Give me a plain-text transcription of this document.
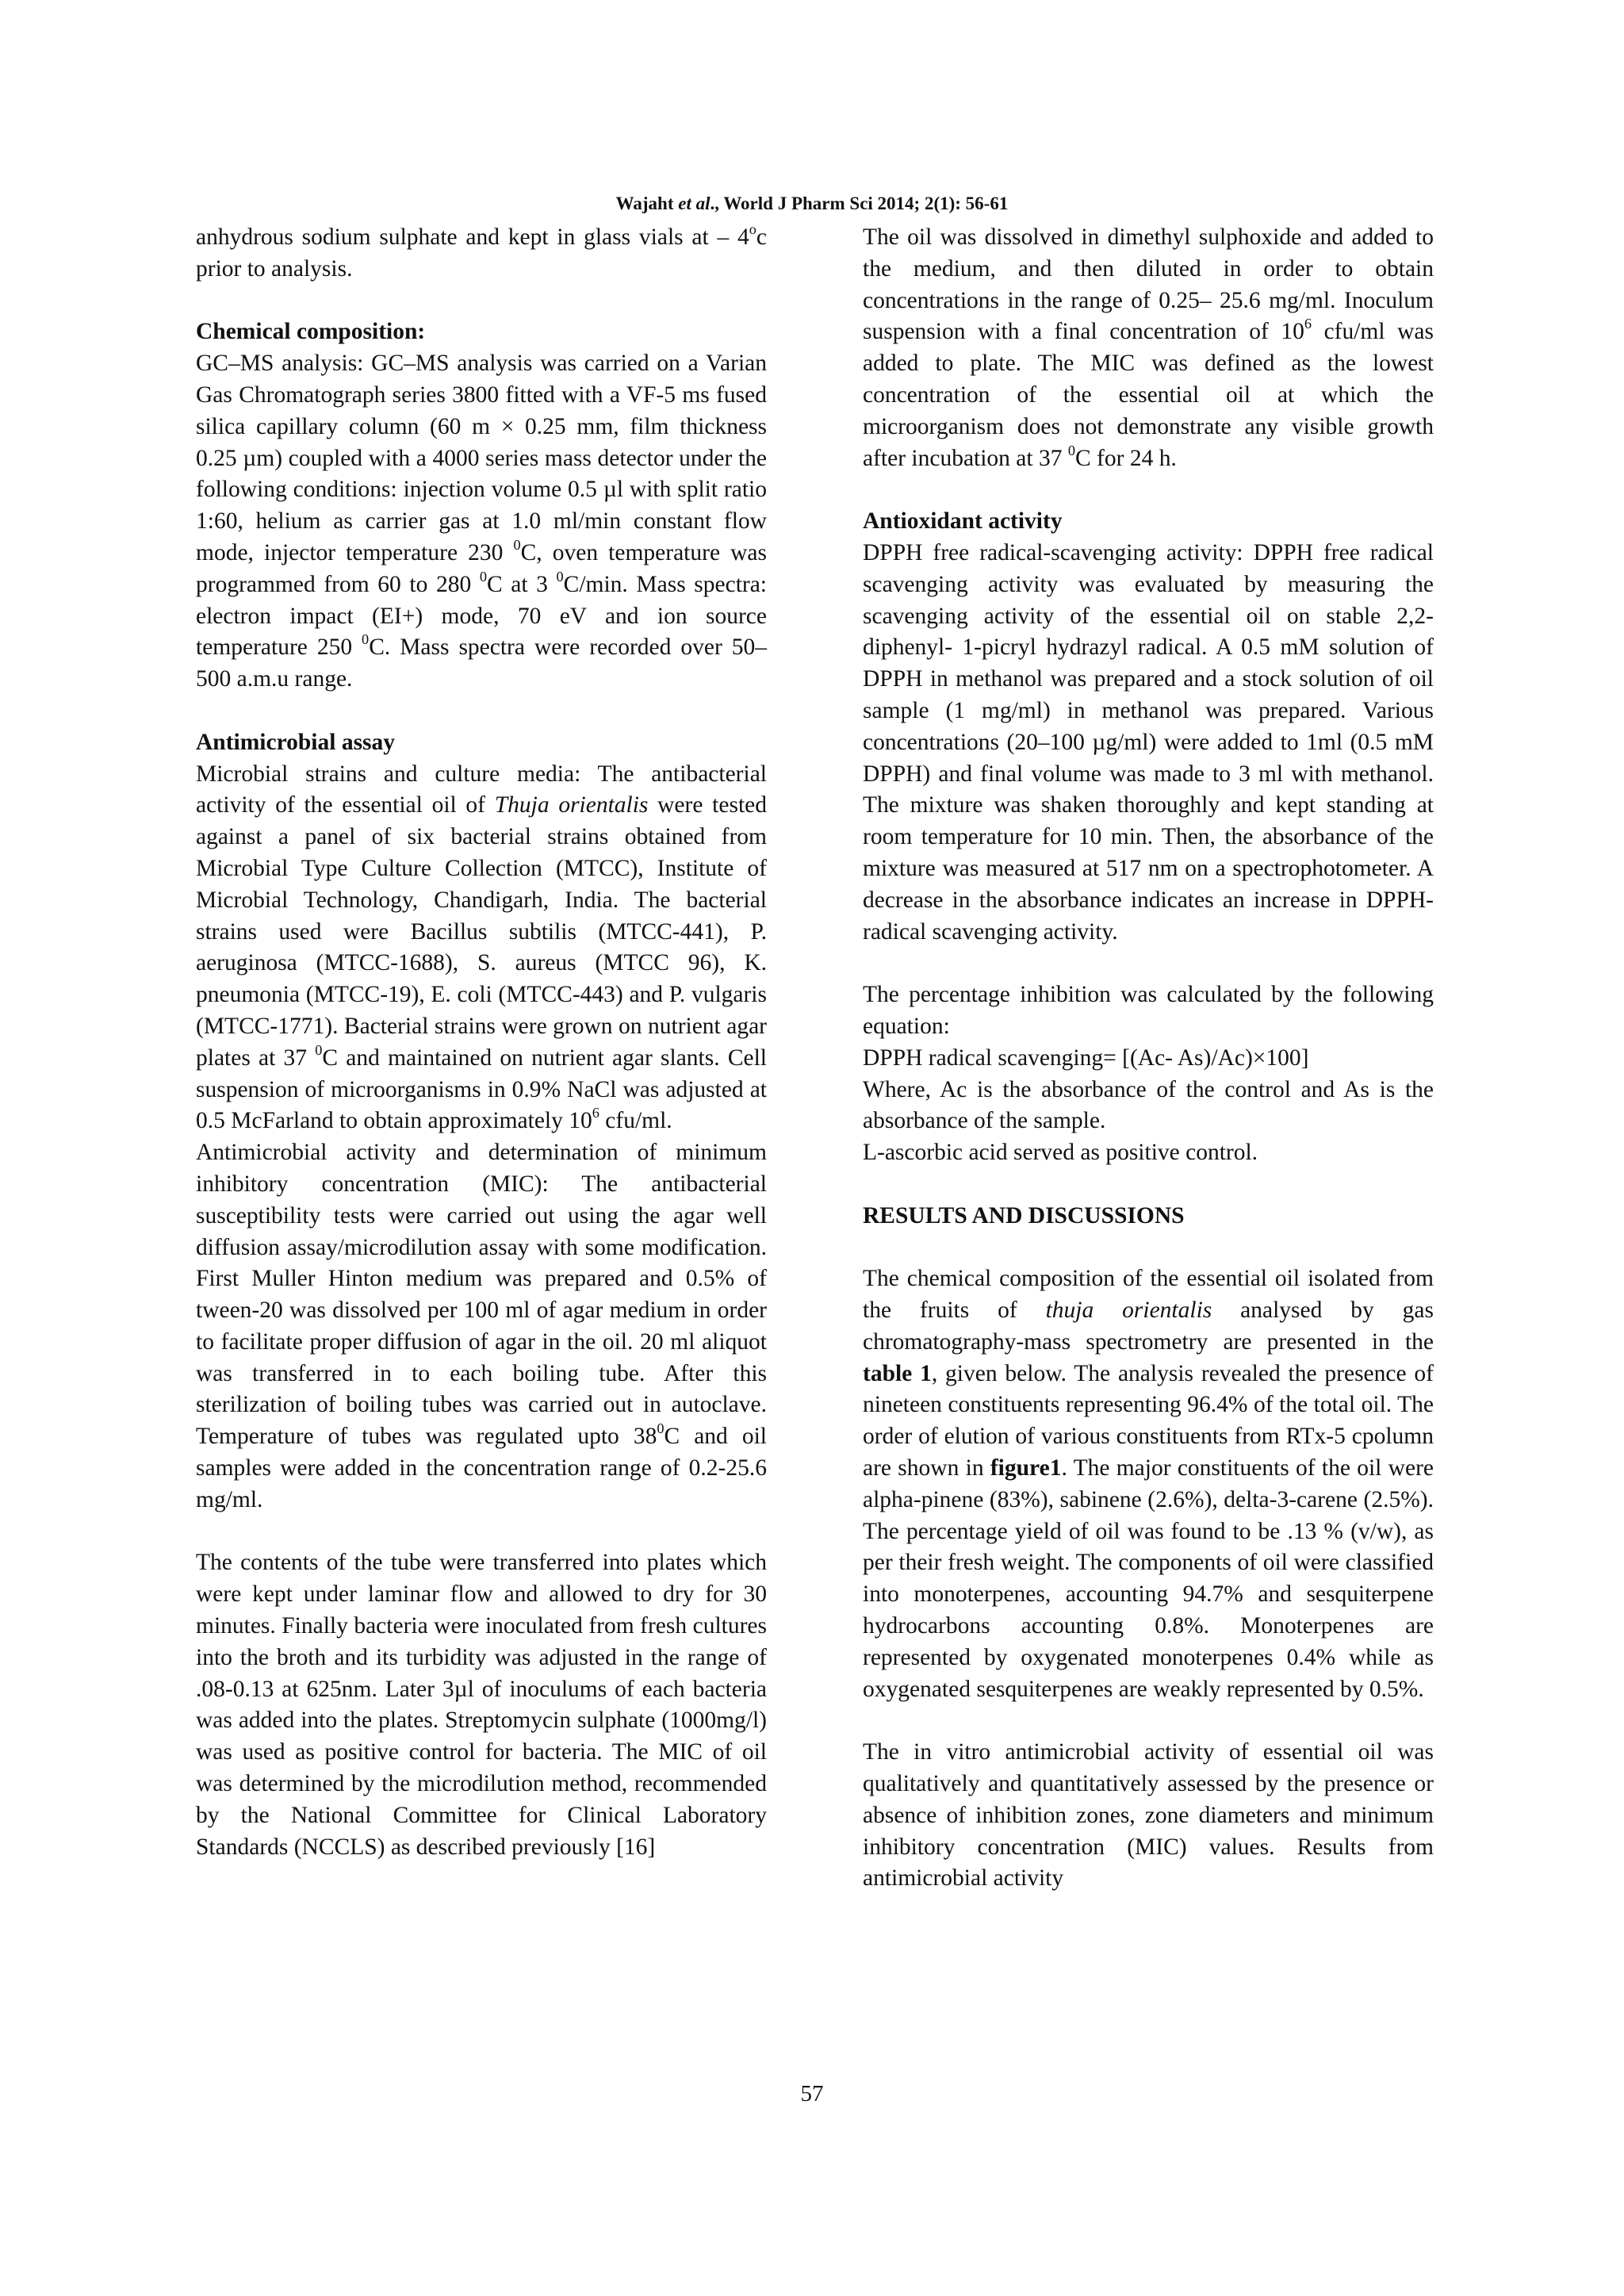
Wajaht et al., World J Pharm Sci 2014; 2(1): 56-61

anhydrous sodium sulphate and kept in glass vials at – 4$^o$c prior to analysis.

Chemical composition:

GC–MS analysis: GC–MS analysis was carried on a Varian Gas Chromatograph series 3800 fitted with a VF-5 ms fused silica capillary column (60 m × 0.25 mm, film thickness 0.25 µm) coupled with a 4000 series mass detector under the following conditions: injection volume 0.5 µl with split ratio 1:60, helium as carrier gas at 1.0 ml/min constant flow mode, injector temperature 230 $^0$C, oven temperature was programmed from 60 to 280 $^0$C at 3 $^0$C/min. Mass spectra: electron impact (EI+) mode, 70 eV and ion source temperature 250 $^0$C. Mass spectra were recorded over 50–500 a.m.u range.

Antimicrobial assay

Microbial strains and culture media: The antibacterial activity of the essential oil of Thuja orientalis were tested against a panel of six bacterial strains obtained from Microbial Type Culture Collection (MTCC), Institute of Microbial Technology, Chandigarh, India. The bacterial strains used were Bacillus subtilis (MTCC-441), P. aeruginosa (MTCC-1688), S. aureus (MTCC 96), K. pneumonia (MTCC-19), E. coli (MTCC-443) and P. vulgaris (MTCC-1771). Bacterial strains were grown on nutrient agar plates at 37 $^0$C and maintained on nutrient agar slants. Cell suspension of microorganisms in 0.9% NaCl was adjusted at 0.5 McFarland to obtain approximately $10^6$ cfu/ml.

Antimicrobial activity and determination of minimum inhibitory concentration (MIC): The antibacterial susceptibility tests were carried out using the agar well diffusion assay/microdilution assay with some modification. First Muller Hinton medium was prepared and 0.5% of tween-20 was dissolved per 100 ml of agar medium in order to facilitate proper diffusion of agar in the oil. 20 ml aliquot was transferred in to each boiling tube. After this sterilization of boiling tubes was carried out in autoclave. Temperature of tubes was regulated upto $38^0C$ and oil samples were added in the concentration range of 0.2-25.6 mg/ml.

The contents of the tube were transferred into plates which were kept under laminar flow and allowed to dry for 30 minutes. Finally bacteria were inoculated from fresh cultures into the broth and its turbidity was adjusted in the range of .08-0.13 at 625nm. Later 3µl of inoculums of each bacteria was added into the plates. Streptomycin sulphate (1000mg/l) was used as positive control for bacteria. The MIC of oil was determined by the microdilution method, recommended by the National Committee for Clinical Laboratory Standards (NCCLS) as described previously [16]

The oil was dissolved in dimethyl sulphoxide and added to the medium, and then diluted in order to obtain concentrations in the range of 0.25– 25.6 mg/ml. Inoculum suspension with a final concentration of $10^6$ cfu/ml was added to plate. The MIC was defined as the lowest concentration of the essential oil at which the microorganism does not demonstrate any visible growth after incubation at 37 $^0$C for 24 h.

Antioxidant activity

DPPH free radical-scavenging activity: DPPH free radical scavenging activity was evaluated by measuring the scavenging activity of the essential oil on stable 2,2-diphenyl- 1-picryl hydrazyl radical. A 0.5 mM solution of DPPH in methanol was prepared and a stock solution of oil sample (1 mg/ml) in methanol was prepared. Various concentrations (20–100 µg/ml) were added to 1ml (0.5 mM DPPH) and final volume was made to 3 ml with methanol. The mixture was shaken thoroughly and kept standing at room temperature for 10 min. Then, the absorbance of the mixture was measured at 517 nm on a spectrophotometer. A decrease in the absorbance indicates an increase in DPPH-radical scavenging activity.

The percentage inhibition was calculated by the following equation:

DPPH radical scavenging= [(Ac- As)/Ac)×100]

Where, Ac is the absorbance of the control and As is the absorbance of the sample.

L-ascorbic acid served as positive control.

RESULTS AND DISCUSSIONS

The chemical composition of the essential oil isolated from the fruits of thuja orientalis analysed by gas chromatography-mass spectrometry are presented in the table 1, given below. The analysis revealed the presence of nineteen constituents representing 96.4% of the total oil. The order of elution of various constituents from RTx-5 cpolumn are shown in figure1. The major constituents of the oil were alpha-pinene (83%), sabinene (2.6%), delta-3-carene (2.5%). The percentage yield of oil was found to be .13 % (v/w), as per their fresh weight. The components of oil were classified into monoterpenes, accounting 94.7% and sesquiterpene hydrocarbons accounting 0.8%. Monoterpenes are represented by oxygenated monoterpenes 0.4% while as oxygenated sesquiterpenes are weakly represented by 0.5%.

The in vitro antimicrobial activity of essential oil was qualitatively and quantitatively assessed by the presence or absence of inhibition zones, zone diameters and minimum inhibitory concentration (MIC) values. Results from antimicrobial activity

57
